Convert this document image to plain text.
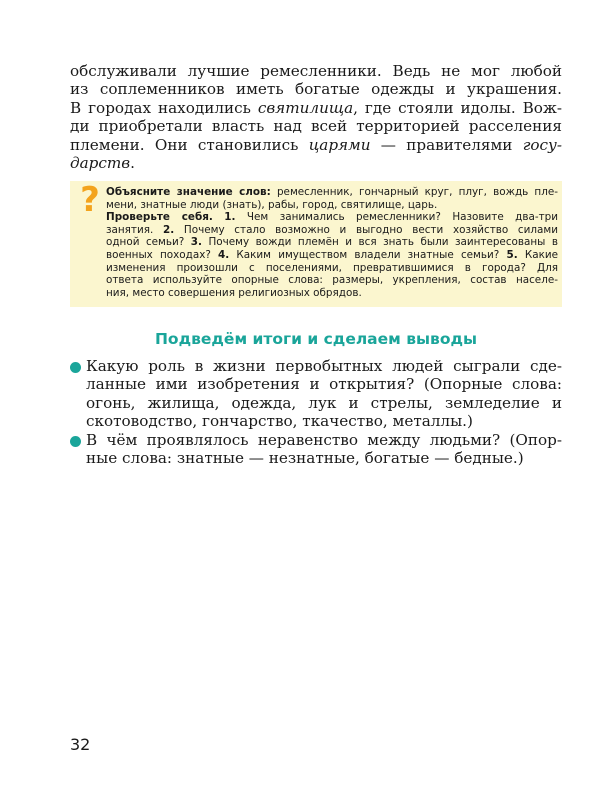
обслуживали лучшие ремесленники. Ведь не мог любой
из соплеменников иметь богатые одежды и украшения.
В городах находились святилища, где стояли идолы. Вож-
ди приобретали власть над всей территорией расселения
племени. Они становились царями — правителями госу-
дарств.
? Объясните значение слов: ремесленник, гончарный круг, плуг, вождь пле-
мени, знатные люди (знать), рабы, город, святилище, царь.
Проверьте себя. 1. Чем занимались ремесленники? Назовите два-три
занятия. 2. Почему стало возможно и выгодно вести хозяйство силами
одной семьи? 3. Почему вожди племён и вся знать были заинтересованы в
военных походах? 4. Каким имуществом владели знатные семьи? 5. Какие
изменения произошли с поселениями, превратившимися в города? Для
ответа используйте опорные слова: размеры, укрепления, состав населе-
ния, место совершения религиозных обрядов.
Подведём итоги и сделаем выводы
Какую роль в жизни первобытных людей сыграли сде-
ланные ими изобретения и открытия? (Опорные слова:
огонь, жилища, одежда, лук и стрелы, земледелие и
скотоводство, гончарство, ткачество, металлы.)
В чём проявлялось неравенство между людьми? (Опор-
ные слова: знатные — незнатные, богатые — бедные.)
32
